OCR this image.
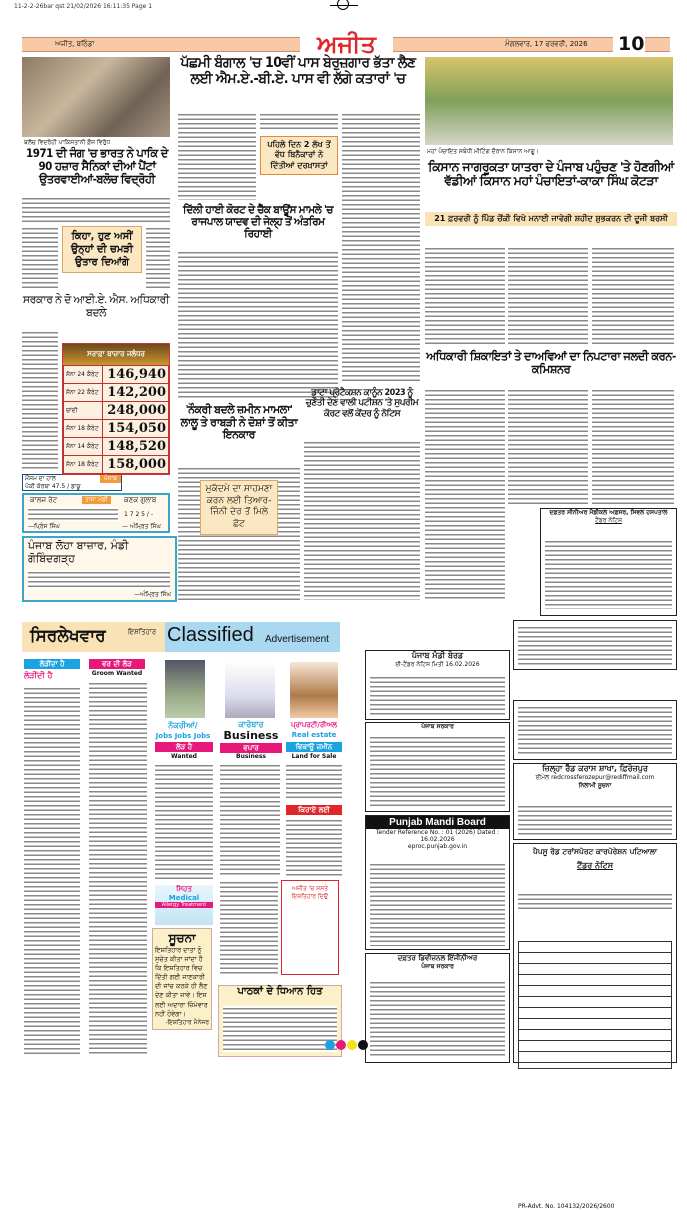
11-2-2-26bar qst 21/02/2026 16:11:35 Page 1
ਅਜੀਤ, ਬਠਿੰਡਾ	ਅਜੀਤ	ਮੰਗਲਵਾਰ, 17 ਫਰਵਰੀ, 2026 10
ਬਲੋਚ ਵਿਦਰੋਹੀ ਪਾਕਿਸਤਾਨੀ ਫ਼ੌਜ ਵਿਰੁੱਧ
1971 ਦੀ ਜੰਗ 'ਚ ਭਾਰਤ ਨੇ ਪਾਕਿ ਦੇ 90 ਹਜ਼ਾਰ ਸੈਨਿਕਾਂ ਦੀਆਂ ਪੈਂਟਾਂ ਉਤਰਵਾਈਆਂ-ਬਲੋਚ ਵਿਦ੍ਰੋਹੀ
ਕਿਹਾ, ਹੁਣ ਅਸੀਂ ਉਨ੍ਹਾਂ ਦੀ ਚਮੜੀ ਉਤਾਰ ਦਿਆਂਗੇ
ਸਰਕਾਰ ਨੇ ਦੋ ਆਈ.ਏ. ਐਸ. ਅਧਿਕਾਰੀ ਬਦਲੇ
ਸਰਾਫ਼ਾ ਬਾਜ਼ਾਰ ਜਲੰਧਰ
ਸੋਨਾ 24 ਕੈਰੇਟ	146,940
ਸੋਨਾ 22 ਕੈਰੇਟ	142,200
ਚਾਂਦੀ	248,000
ਸੋਨਾ 18 ਕੈਰੇਟ	154,050
ਸੋਨਾ 14 ਕੈਰੇਟ	148,520
ਸੋਨਾ 18 ਕੈਰੇਟ	158,000
ਮੌਸਮ ਦਾ ਹਾਲ	ਪੰਜਾਬ
ਪੱਕੀ ਕੋਰਬਾ 47.5 / ਡਾਕੂ
ਕਾਲਜ ਰੇਟ	ਤਾਜ਼ਾ ਮੰਡੀ
—ਪ੍ਰਿੰਸ ਸਿੰਘ
ਕਣਕ ਗੁਲਾਬ
1 7 2 5 / -
— ਅੰਮ੍ਰਿਤ ਸਿੰਘ
ਪੰਜਾਬ ਲੋਹਾ ਬਾਜ਼ਾਰ, ਮੰਡੀ ਗੋਬਿੰਦਗੜ੍ਹ
—ਅੰਮ੍ਰਿਤ ਸਿੰਘ
ਪੱਛਮੀ ਬੰਗਾਲ 'ਚ 10ਵੀਂ ਪਾਸ ਬੇਰੁਜ਼ਗਾਰ ਭੱਤਾ ਲੈਣ ਲਈ ਐਮ.ਏ.-ਬੀ.ਏ. ਪਾਸ ਵੀ ਲੱਗੇ ਕਤਾਰਾਂ 'ਚ
ਪਹਿਲੇ ਦਿਨ 2 ਲੱਖ ਤੋਂ ਵੱਧ ਬਿਨੈਕਾਰਾਂ ਨੇ ਦਿੱਤੀਆਂ ਦਰਖ਼ਾਸਤਾਂ
ਦਿੱਲੀ ਹਾਈ ਕੋਰਟ ਦੇ ਚੈੱਕ ਬਾਊਂਸ ਮਾਮਲੇ 'ਚ ਰਾਜਪਾਲ ਯਾਦਵ ਦੀ ਜੇਲ੍ਹ ਤੋਂ ਅੰਤਰਿਮ ਰਿਹਾਈ
'ਨੌਕਰੀ ਬਦਲੇ ਜ਼ਮੀਨ ਮਾਮਲਾ' ਲਾਲੂ ਤੇ ਰਾਬੜੀ ਨੇ ਦੋਸ਼ਾਂ ਤੋਂ ਕੀਤਾ ਇਨਕਾਰ
ਮੁਕੱਦਮੇ ਦਾ ਸਾਹਮਣਾ ਕਰਨ ਲਈ ਤਿਆਰ- ਜਿੰਨੀ ਦੇਰ ਤੋਂ ਮਿਲੇ ਛੋਟ
ਡਾਟਾ ਪ੍ਰੋਟੈਕਸ਼ਨ ਕਾਨੂੰਨ 2023 ਨੂੰ ਚੁਣੌਤੀ ਦੇਣ ਵਾਲੀ ਪਟੀਸ਼ਨ 'ਤੇ ਸੁਪਰੀਮ ਕੋਰਟ ਵਲੋਂ ਕੇਂਦਰ ਨੂੰ ਨੋਟਿਸ
ਮਹਾਂ ਪੰਚਾਇਤ ਸਬੰਧੀ ਮੀਟਿੰਗ ਦੌਰਾਨ ਕਿਸਾਨ ਆਗੂ।
ਕਿਸਾਨ ਜਾਗਰੂਕਤਾ ਯਾਤਰਾ ਦੇ ਪੰਜਾਬ ਪਹੁੰਚਣ 'ਤੇ ਹੋਣਗੀਆਂ ਵੱਡੀਆਂ ਕਿਸਾਨ ਮਹਾਂ ਪੰਚਾਇਤਾਂ-ਕਾਕਾ ਸਿੰਘ ਕੋਟੜਾ
21 ਫ਼ਰਵਰੀ ਨੂੰ ਪਿੰਡ ਚੌਂਕੀ ਵਿਖੇ ਮਨਾਈ ਜਾਵੇਗੀ ਸ਼ਹੀਦ ਸ਼ੁਭਕਰਨ ਦੀ ਦੂਜੀ ਬਰਸੀ
ਅਧਿਕਾਰੀ ਸ਼ਿਕਾਇਤਾਂ ਤੇ ਦਾਅਵਿਆਂ ਦਾ ਨਿਪਟਾਰਾ ਜਲਦੀ ਕਰਨ-ਕਮਿਸ਼ਨਰ
ਦਫ਼ਤਰ ਸੀਨੀਅਰ ਮੈਡੀਕਲ ਅਫ਼ਸਰ, ਸਿਵਲ ਹਸਪਤਾਲ
ਟੈਂਡਰ ਨੋਟਿਸ
ਸਿਰਲੇਖਵਾਰ	ਇਸ਼ਤਿਹਾਰ Classified Advertisement
ਲੋੜੀਂਦਾ ਹੈ
ਲੋੜੀਂਦੀ ਹੈ
ਵਰ ਦੀ ਲੋੜ
Groom Wanted
ਨੌਕਰੀਆਂ/
Jobs Jobs Jobs
ਲੋੜ ਹੈ
Wanted
ਸਿਹਤ
Medical
Allergy Treatment
ਕਾਰੋਬਾਰ
Business
ਵਪਾਰ
Business
ਅਜੀਤ 'ਚ ਸਸਤੇ ਇਸ਼ਤਿਹਾਰ ਦਿਉ
ਪ੍ਰਾਪਰਟੀ/ਰੀਅਲ
Real estate
ਵਿਕਾਊ ਜ਼ਮੀਨ
Land for Sale
ਕਿਰਾਏ ਲਈ
ਸੂਚਨਾ
ਇਸ਼ਤਿਹਾਰ ਦਾਤਾ ਨੂੰ ਸੁਚੇਤ ਕੀਤਾ ਜਾਂਦਾ ਹੈ ਕਿ ਇਸ਼ਤਿਹਾਰ ਵਿਚ ਦਿੱਤੀ ਗਈ ਜਾਣਕਾਰੀ ਦੀ ਜਾਂਚ ਕਰਕੇ ਹੀ ਲੈਣ ਦੇਣ ਕੀਤਾ ਜਾਵੇ। ਇਸ ਲਈ ਅਦਾਰਾ ਜ਼ਿੰਮੇਵਾਰ ਨਹੀਂ ਹੋਵੇਗਾ।
-ਇਸ਼ਤਿਹਾਰ ਮੈਨੇਜਰ
ਪਾਠਕਾਂ ਦੇ ਧਿਆਨ ਹਿਤ
ਪੰਜਾਬ ਮੰਡੀ ਬੋਰਡ
ਈ-ਟੈਂਡਰ ਨੋਟਿਸ ਮਿਤੀ 16.02.2026
ਪੰਜਾਬ ਸਰਕਾਰ
Punjab Mandi Board
Tender Reference No. : 01 (2026) Dated : 16.02.2026
eproc.punjab.gov.in
ਦਫ਼ਤਰ ਡਿਵੀਜ਼ਨਲ ਇੰਜੀਨੀਅਰ
ਪੰਜਾਬ ਸਰਕਾਰ
ਜ਼ਿਲ੍ਹਾ ਰੈੱਡ ਕਰਾਸ ਸ਼ਾਖਾ, ਫ਼ਿਰੋਜ਼ਪੁਰ
ਈਮੇਲ redcrossferozepur@rediffmail.com
ਨਿਲਾਮੀ ਸੂਚਨਾ
ਪੈਪਸੂ ਰੋਡ ਟਰਾਂਸਪੋਰਟ ਕਾਰਪੋਰੇਸ਼ਨ ਪਟਿਆਲਾ
ਟੈਂਡਰ ਨੋਟਿਸ
PR-Advt. No. 104132/2026/2600
